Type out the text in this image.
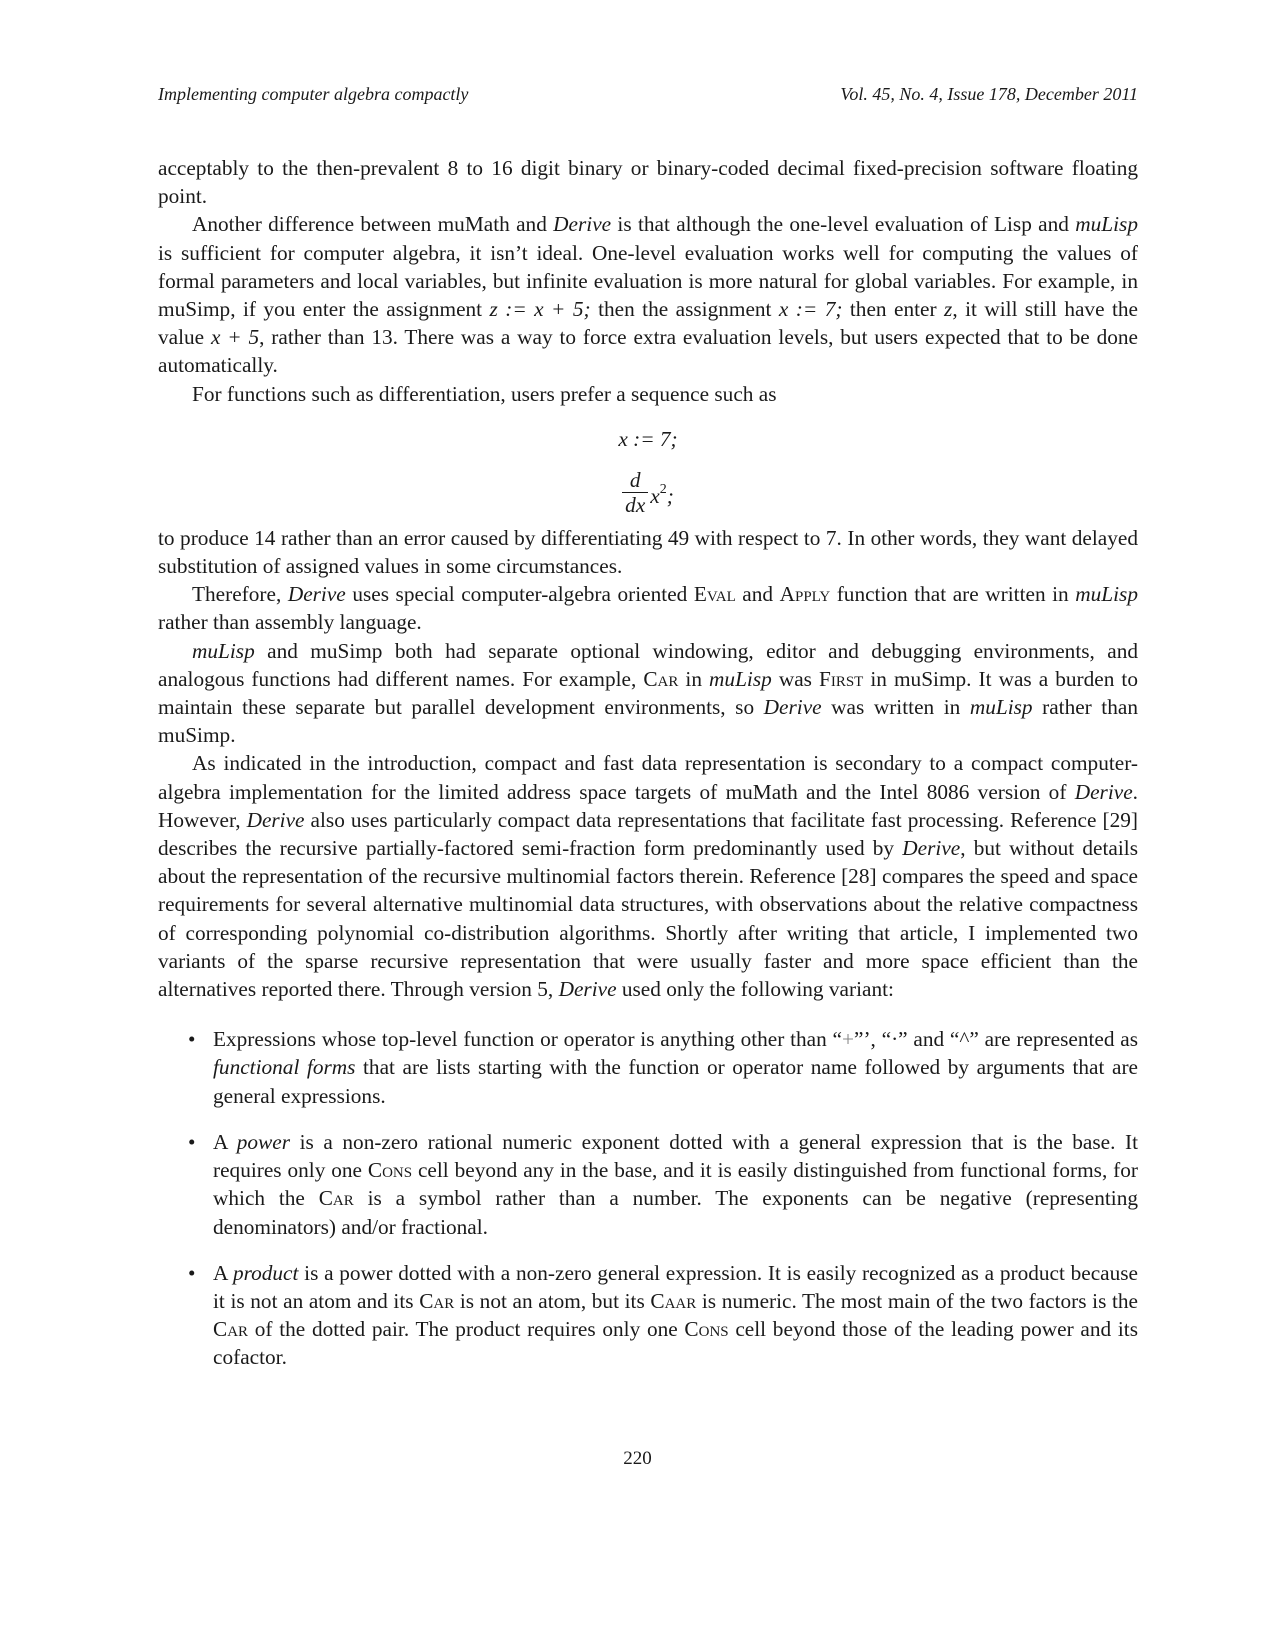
Implementing computer algebra compactly	Vol. 45, No. 4, Issue 178, December 2011

acceptably to the then-prevalent 8 to 16 digit binary or binary-coded decimal fixed-precision software floating point.

Another difference between muMath and Derive is that although the one-level evaluation of Lisp and muLisp is sufficient for computer algebra, it isn’t ideal. One-level evaluation works well for computing the values of formal parameters and local variables, but infinite evaluation is more natural for global variables. For example, in muSimp, if you enter the assignment z := x + 5; then the assignment x := 7; then enter z, it will still have the value x + 5, rather than 13. There was a way to force extra evaluation levels, but users expected that to be done automatically.

For functions such as differentiation, users prefer a sequence such as

x := 7;
$\frac{d}{dx} x^2$;

to produce 14 rather than an error caused by differentiating 49 with respect to 7. In other words, they want delayed substitution of assigned values in some circumstances.

Therefore, Derive uses special computer-algebra oriented Eval and Apply function that are written in muLisp rather than assembly language.

muLisp and muSimp both had separate optional windowing, editor and debugging environments, and analogous functions had different names. For example, Car in muLisp was First in muSimp. It was a burden to maintain these separate but parallel development environments, so Derive was written in muLisp rather than muSimp.

As indicated in the introduction, compact and fast data representation is secondary to a compact computer-algebra implementation for the limited address space targets of muMath and the Intel 8086 version of Derive. However, Derive also uses particularly compact data representations that facilitate fast processing. Reference [29] describes the recursive partially-factored semi-fraction form predominantly used by Derive, but without details about the representation of the recursive multinomial factors therein. Reference [28] compares the speed and space requirements for several alternative multinomial data structures, with observations about the relative compactness of corresponding polynomial co-distribution algorithms. Shortly after writing that article, I implemented two variants of the sparse recursive representation that were usually faster and more space efficient than the alternatives reported there. Through version 5, Derive used only the following variant:

• Expressions whose top-level function or operator is anything other than “+”’, “·” and “^” are represented as functional forms that are lists starting with the function or operator name followed by arguments that are general expressions.
• A power is a non-zero rational numeric exponent dotted with a general expression that is the base. It requires only one Cons cell beyond any in the base, and it is easily distinguished from functional forms, for which the Car is a symbol rather than a number. The exponents can be negative (representing denominators) and/or fractional.
• A product is a power dotted with a non-zero general expression. It is easily recognized as a product because it is not an atom and its Car is not an atom, but its Caar is numeric. The most main of the two factors is the Car of the dotted pair. The product requires only one Cons cell beyond those of the leading power and its cofactor.
220
